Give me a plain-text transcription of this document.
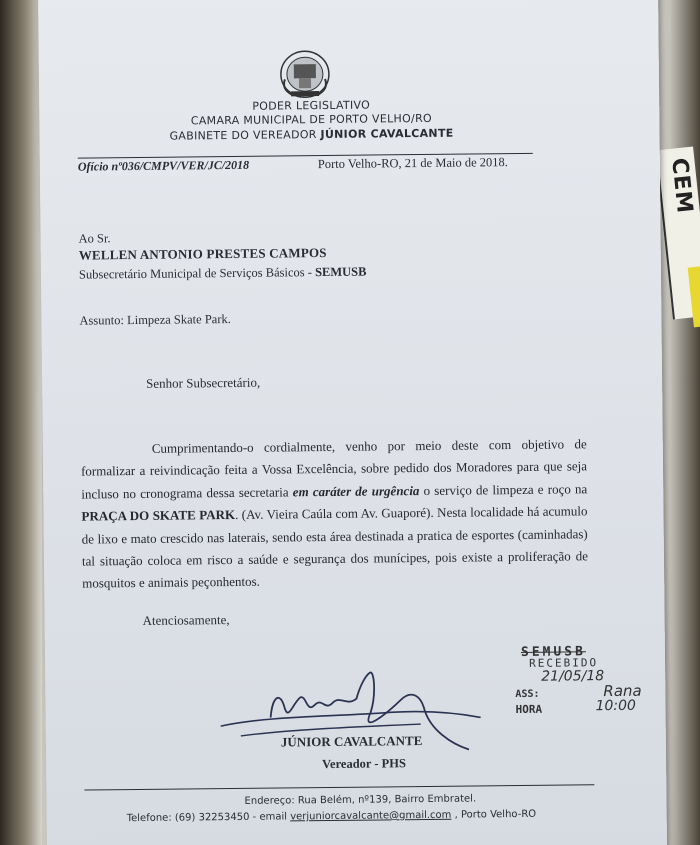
CEM
PODER LEGISLATIVO
CAMARA MUNICIPAL DE PORTO VELHO/RO
GABINETE DO VEREADOR JÚNIOR CAVALCANTE
Ofício nº036/CMPV/VER/JC/2018	Porto Velho-RO, 21 de Maio de 2018.
Ao Sr.
WELLEN ANTONIO PRESTES CAMPOS
Subsecretário Municipal de Serviços Básicos - SEMUSB
Assunto: Limpeza Skate Park.
Senhor Subsecretário,
Cumprimentando-o cordialmente, venho por meio deste com objetivo de formalizar a reivindicação feita a Vossa Excelência, sobre pedido dos Moradores para que seja incluso no cronograma dessa secretaria em caráter de urgência o serviço de limpeza e roço na PRAÇA DO SKATE PARK. (Av. Vieira Caúla com Av. Guaporé). Nesta localidade há acumulo de lixo e mato crescido nas laterais, sendo esta área destinada a pratica de esportes (caminhadas) tal situação coloca em risco a saúde e segurança dos munícipes, pois existe a proliferação de mosquitos e animais peçonhentos.
Atenciosamente,
JÚNIOR CAVALCANTE
Vereador - PHS
SEMUSB
RECEBIDO
21/05/18
ASS:	Rana
HORA	10:00
Endereço: Rua Belém, nº139, Bairro Embratel.
Telefone: (69) 32253450 - email verjuniorcavalcante@gmail.com , Porto Velho-RO
